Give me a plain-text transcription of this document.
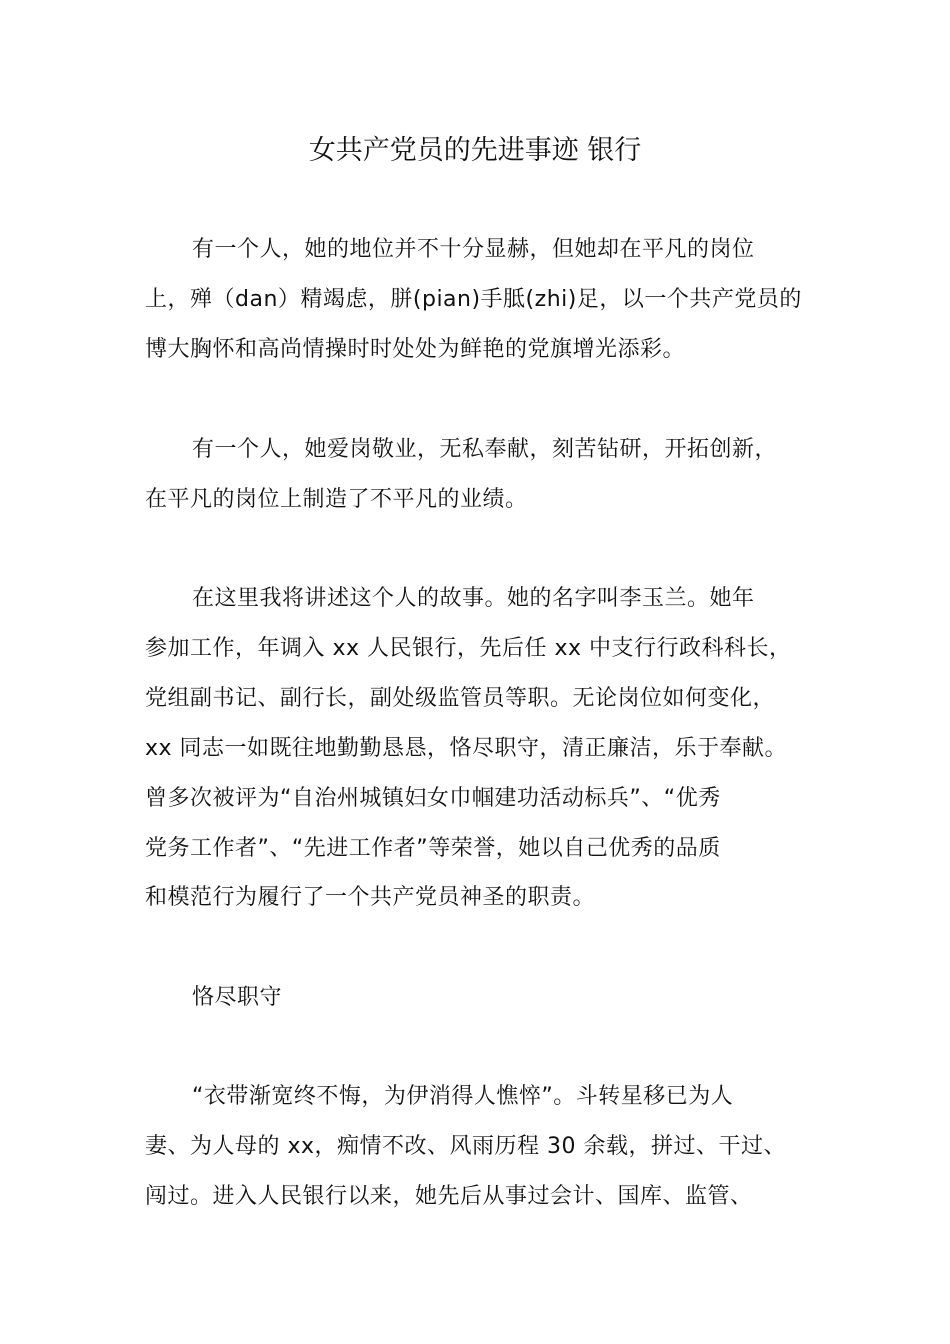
女共产党员的先进事迹 银行
有一个人，她的地位并不十分显赫，但她却在平凡的岗位
上，殚（dan）精竭虑，胼(pian)手胝(zhi)足，以一个共产党员的
博大胸怀和高尚情操时时处处为鲜艳的党旗增光添彩。
有一个人，她爱岗敬业，无私奉献，刻苦钻研，开拓创新，
在平凡的岗位上制造了不平凡的业绩。
在这里我将讲述这个人的故事。她的名字叫李玉兰。她年
参加工作，年调入 xx 人民银行，先后任 xx 中支行行政科科长，
党组副书记、副行长，副处级监管员等职。无论岗位如何变化，
xx 同志一如既往地勤勤恳恳，恪尽职守，清正廉洁，乐于奉献。
曾多次被评为“自治州城镇妇女巾帼建功活动标兵”、“优秀
党务工作者”、“先进工作者”等荣誉，她以自己优秀的品质
和模范行为履行了一个共产党员神圣的职责。
恪尽职守
“衣带渐宽终不悔，为伊消得人憔悴”。斗转星移已为人
妻、为人母的 xx，痴情不改、风雨历程 30 余载，拼过、干过、
闯过。进入人民银行以来，她先后从事过会计、国库、监管、
